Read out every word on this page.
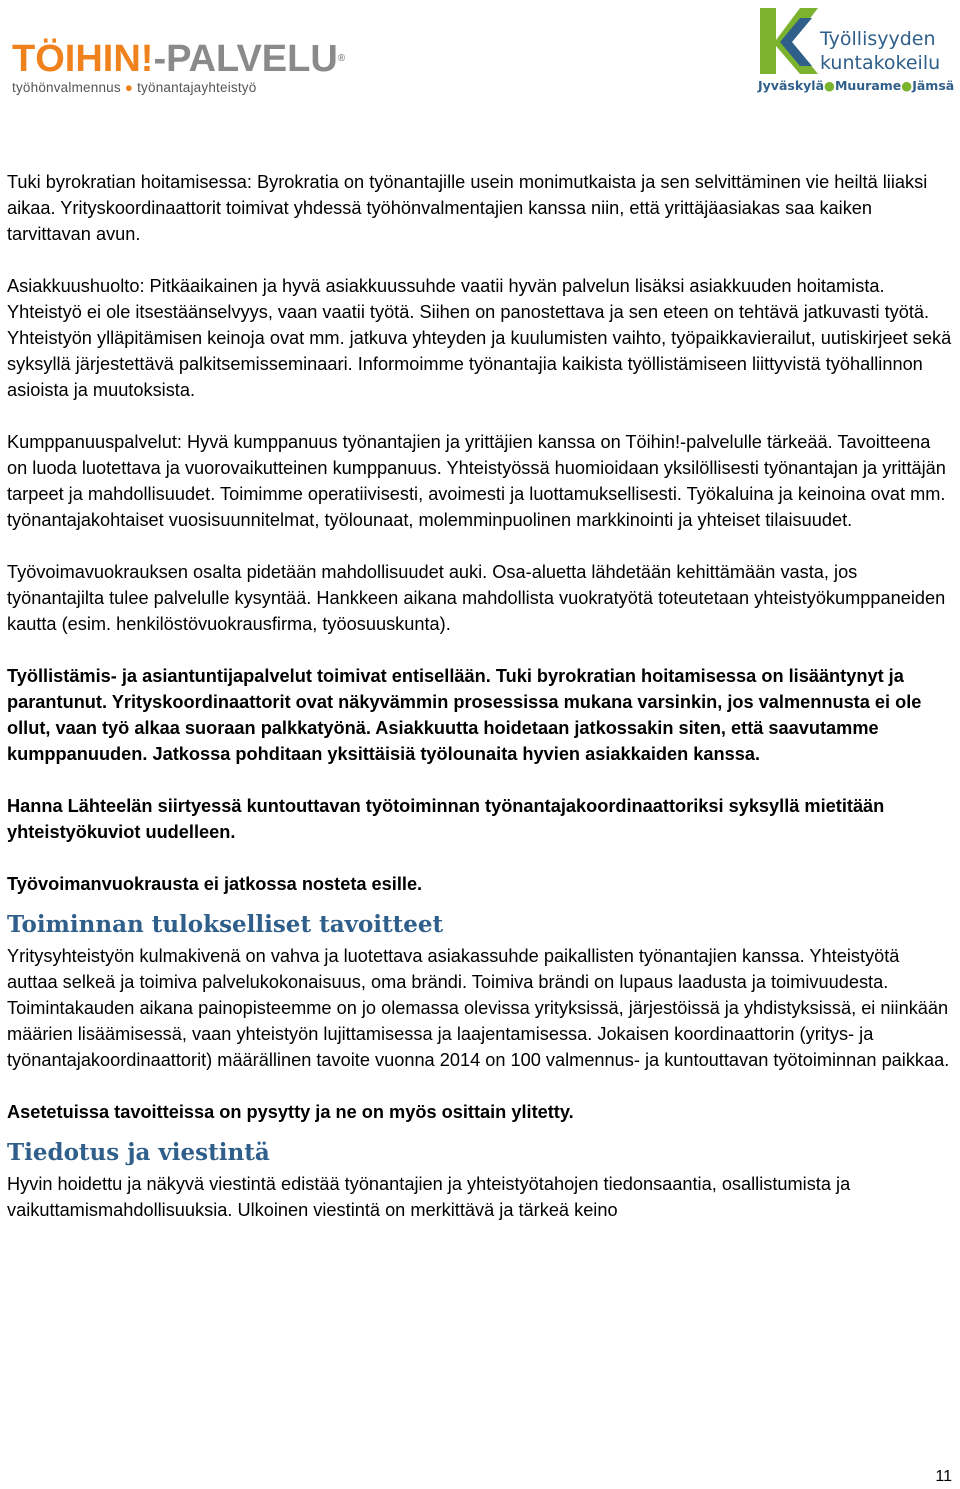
TÖIHIN!-PALVELU®
työhönvalmennus ● työnantajayhteistyö
Työllisyyden
kuntakokeilu
Jyväskylä●Muurame●Jämsä

Tuki byrokratian hoitamisessa: Byrokratia on työnantajille usein monimutkaista ja sen selvittäminen vie heiltä liiaksi aikaa. Yrityskoordinaattorit toimivat yhdessä työhönvalmentajien kanssa niin, että yrittäjäasiakas saa kaiken tarvittavan avun.

Asiakkuushuolto: Pitkäaikainen ja hyvä asiakkuussuhde vaatii hyvän palvelun lisäksi asiakkuuden hoitamista. Yhteistyö ei ole itsestäänselvyys, vaan vaatii työtä. Siihen on panostettava ja sen eteen on tehtävä jatkuvasti työtä. Yhteistyön ylläpitämisen keinoja ovat mm. jatkuva yhteyden ja kuulumisten vaihto, työpaikkavierailut, uutiskirjeet sekä syksyllä järjestettävä palkitsemisseminaari. Informoimme työnantajia kaikista työllistämiseen liittyvistä työhallinnon asioista ja muutoksista.

Kumppanuuspalvelut: Hyvä kumppanuus työnantajien ja yrittäjien kanssa on Töihin!-palvelulle tärkeää. Tavoitteena on luoda luotettava ja vuorovaikutteinen kumppanuus. Yhteistyössä huomioidaan yksilöllisesti työnantajan ja yrittäjän tarpeet ja mahdollisuudet. Toimimme operatiivisesti, avoimesti ja luottamuksellisesti. Työkaluina ja keinoina ovat mm. työnantajakohtaiset vuosisuunnitelmat, työlounaat, molemminpuolinen markkinointi ja yhteiset tilaisuudet.

Työvoimavuokrauksen osalta pidetään mahdollisuudet auki. Osa-aluetta lähdetään kehittämään vasta, jos työnantajilta tulee palvelulle kysyntää. Hankkeen aikana mahdollista vuokratyötä toteutetaan yhteistyökumppaneiden kautta (esim. henkilöstövuokrausfirma, työosuuskunta).

Työllistämis- ja asiantuntijapalvelut toimivat entisellään. Tuki byrokratian hoitamisessa on lisääntynyt ja parantunut. Yrityskoordinaattorit ovat näkyvämmin prosessissa mukana varsinkin, jos valmennusta ei ole ollut, vaan työ alkaa suoraan palkkatyönä. Asiakkuutta hoidetaan jatkossakin siten, että saavutamme kumppanuuden. Jatkossa pohditaan yksittäisiä työlounaita hyvien asiakkaiden kanssa.

Hanna Lähteelän siirtyessä kuntouttavan työtoiminnan työnantajakoordinaattoriksi syksyllä mietitään yhteistyökuviot uudelleen.

Työvoimanvuokrausta ei jatkossa nosteta esille.

Toiminnan tulokselliset tavoitteet

Yritysyhteistyön kulmakivenä on vahva ja luotettava asiakassuhde paikallisten työnantajien kanssa. Yhteistyötä auttaa selkeä ja toimiva palvelukokonaisuus, oma brändi. Toimiva brändi on lupaus laadusta ja toimivuudesta. Toimintakauden aikana painopisteemme on jo olemassa olevissa yrityksissä, järjestöissä ja yhdistyksissä, ei niinkään määrien lisäämisessä, vaan yhteistyön lujittamisessa ja laajentamisessa. Jokaisen koordinaattorin (yritys- ja työnantajakoordinaattorit) määrällinen tavoite vuonna 2014 on 100 valmennus- ja kuntouttavan työtoiminnan paikkaa.

Asetetuissa tavoitteissa on pysytty ja ne on myös osittain ylitetty.

Tiedotus ja viestintä

Hyvin hoidettu ja näkyvä viestintä edistää työnantajien ja yhteistyötahojen tiedonsaantia, osallistumista ja vaikuttamismahdollisuuksia. Ulkoinen viestintä on merkittävä ja tärkeä keino

11
